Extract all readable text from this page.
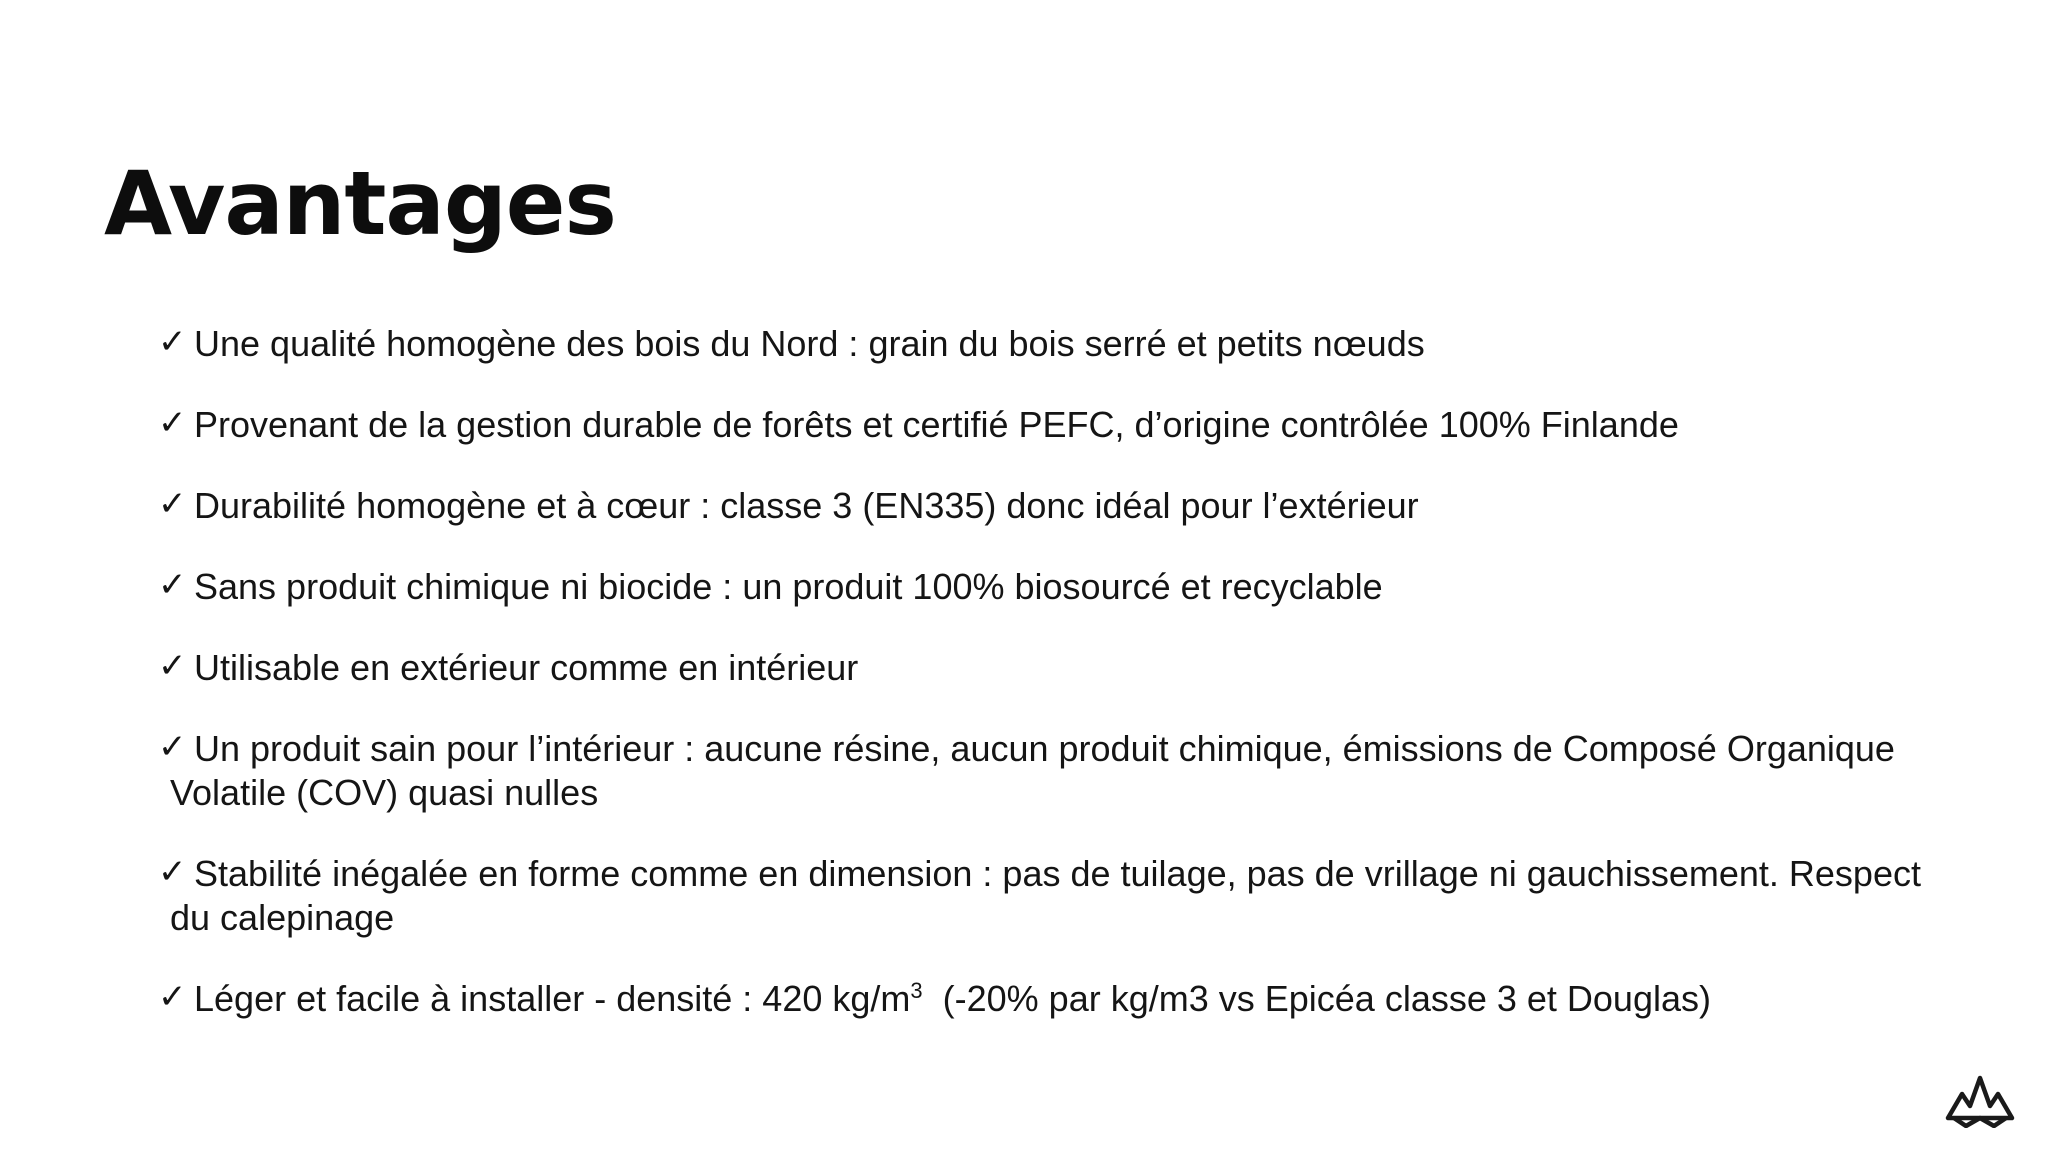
Avantages
✓ Une qualité homogène des bois du Nord : grain du bois serré et petits nœuds
✓ Provenant de la gestion durable de forêts et certifié PEFC, d’origine contrôlée 100% Finlande
✓ Durabilité homogène et à cœur : classe 3 (EN335) donc idéal pour l’extérieur
✓ Sans produit chimique ni biocide : un produit 100% biosourcé et recyclable
✓ Utilisable en extérieur comme en intérieur
✓ Un produit sain pour l’intérieur : aucune résine, aucun produit chimique, émissions de Composé Organique
Volatile (COV) quasi nulles
✓ Stabilité inégalée en forme comme en dimension : pas de tuilage, pas de vrillage ni gauchissement. Respect
du calepinage
✓ Léger et facile à installer - densité : 420 $kg/m^3$  (-20% par kg/m3 vs Epicéa classe 3 et Douglas)
